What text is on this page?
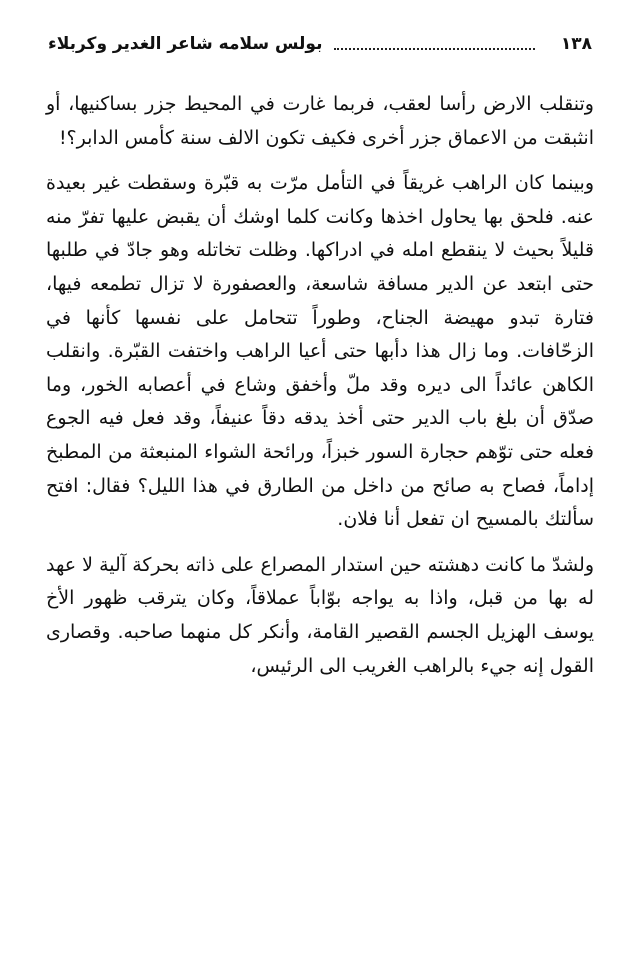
١٣٨
بولس سلامه شاعر الغدير وكربلاء

وتنقلب الارض رأسا لعقب، فربما غارت في المحيط جزر بساكنيها، أو انثبقت من الاعماق جزر أخرى فكيف تكون الالف سنة كأمس الدابر؟!

وبينما كان الراهب غريقاً في التأمل مرّت به قبّرة وسقطت غير بعيدة عنه. فلحق بها يحاول اخذها وكانت كلما اوشك أن يقبض عليها تفرّ منه قليلاً بحيث لا ينقطع امله في ادراكها. وظلت تخاتله وهو جادّ في طلبها حتى ابتعد عن الدير مسافة شاسعة، والعصفورة لا تزال تطمعه فيها، فتارة تبدو مهيضة الجناح، وطوراً تتحامل على نفسها كأنها في الزحّافات. وما زال هذا دأبها حتى أعيا الراهب واختفت القبّرة. وانقلب الكاهن عائداً الى ديره وقد ملّ وأخفق وشاع في أعصابه الخور، وما صدّق أن بلغ باب الدير حتى أخذ يدقه دقاً عنيفاً، وقد فعل فيه الجوع فعله حتى توّهم حجارة السور خبزاً، ورائحة الشواء المنبعثة من المطبخ إداماً، فصاح به صائح من داخل من الطارق في هذا الليل؟ فقال: افتح سألتك بالمسيح ان تفعل أنا فلان.

ولشدّ ما كانت دهشته حين استدار المصراع على ذاته بحركة آلية لا عهد له بها من قبل، واذا به يواجه بوّاباً عملاقاً، وكان يترقب ظهور الأخ يوسف الهزيل الجسم القصير القامة، وأنكر كل منهما صاحبه. وقصارى القول إنه جيء بالراهب الغريب الى الرئيس،
